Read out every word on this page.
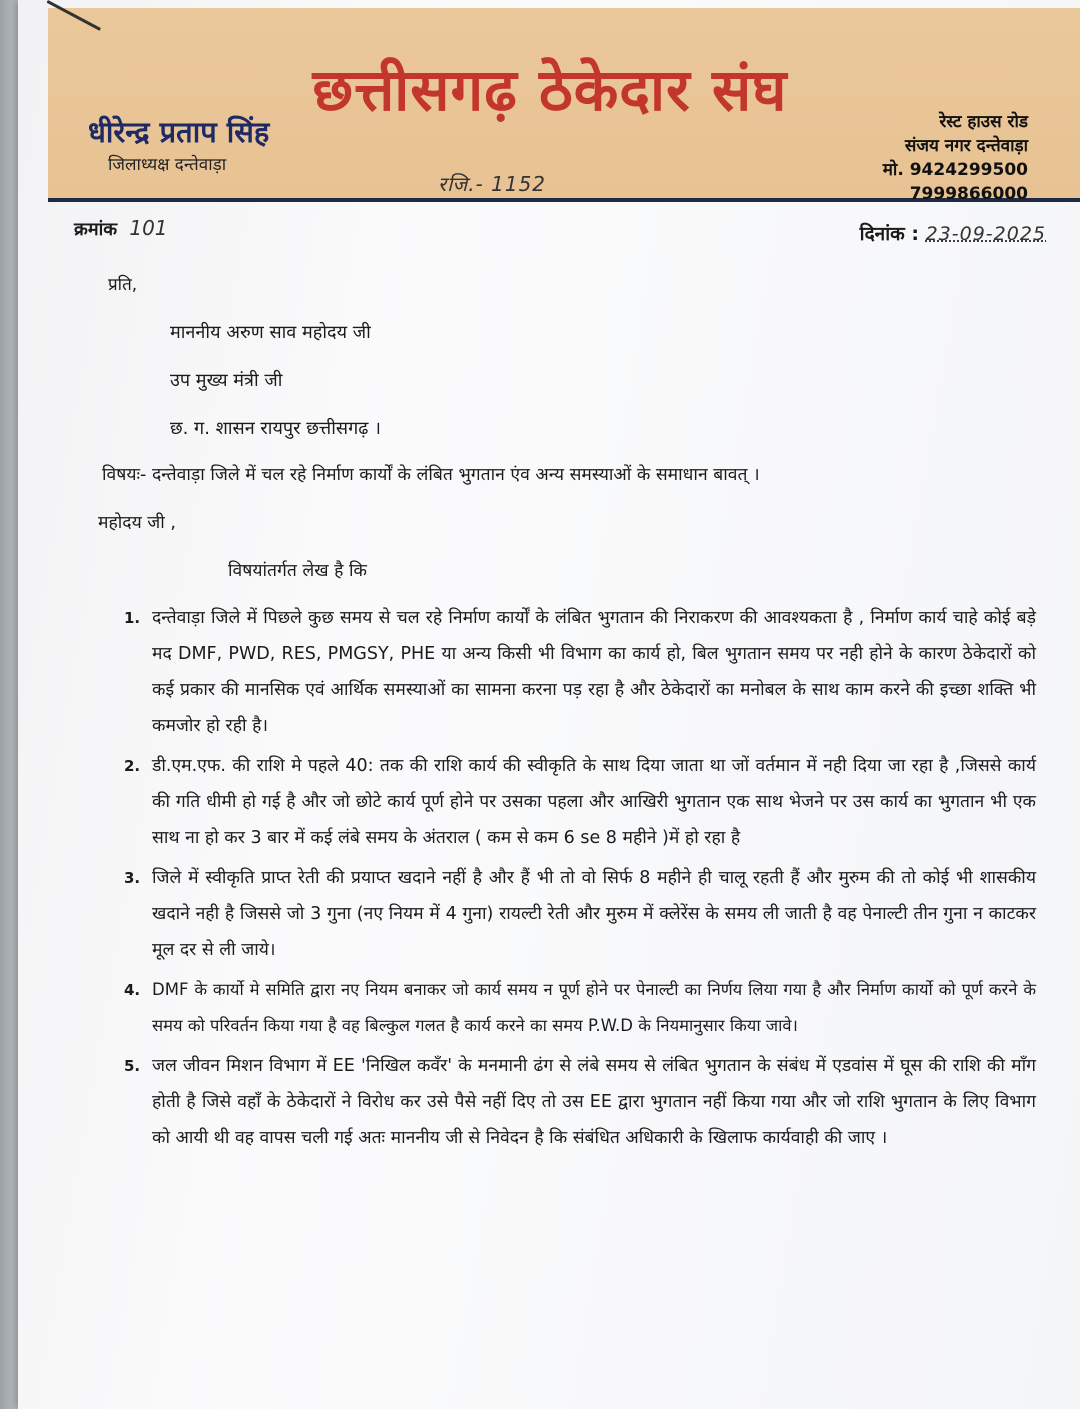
छत्तीसगढ़ ठेकेदार संघ
धीरेन्द्र प्रताप सिंह
जिलाध्यक्ष दन्तेवाड़ा
रजि.- 1152
रेस्ट हाउस रोड
संजय नगर दन्तेवाड़ा
मो. 9424299500
7999866000
क्रमांक 101	दिनांक : 23-09-2025
प्रति,
माननीय अरुण साव महोदय जी
उप मुख्य मंत्री जी
छ. ग. शासन रायपुर छत्तीसगढ़ ।
विषयः- दन्तेवाड़ा जिले में चल रहे निर्माण कार्यों के लंबित भुगतान एंव अन्य समस्याओं के समाधान बावत् ।
महोदय जी ,
विषयांतर्गत लेख है कि
1. दन्तेवाड़ा जिले में पिछले कुछ समय से चल रहे निर्माण कार्यों के लंबित भुगतान की निराकरण की आवश्यकता है , निर्माण कार्य चाहे कोई बड़े मद DMF, PWD, RES, PMGSY, PHE या अन्य किसी भी विभाग का कार्य हो, बिल भुगतान समय पर नही होने के कारण ठेकेदारों को कई प्रकार की मानसिक एवं आर्थिक समस्याओं का सामना करना पड़ रहा है और ठेकेदारों का मनोबल के साथ काम करने की इच्छा शक्ति भी कमजोर हो रही है।
2. डी.एम.एफ. की राशि मे पहले 40: तक की राशि कार्य की स्वीकृति के साथ दिया जाता था जों वर्तमान में नही दिया जा रहा है ,जिससे कार्य की गति धीमी हो गई है और जो छोटे कार्य पूर्ण होने पर उसका पहला और आखिरी भुगतान एक साथ भेजने पर उस कार्य का भुगतान भी एक साथ ना हो कर 3 बार में कई लंबे समय के अंतराल ( कम से कम 6 se 8 महीने )में हो रहा है
3. जिले में स्वीकृति प्राप्त रेती की प्रयाप्त खदाने नहीं है और हैं भी तो वो सिर्फ 8 महीने ही चालू रहती हैं और मुरुम की तो कोई भी शासकीय खदाने नही है जिससे जो 3 गुना (नए नियम में 4 गुना) रायल्टी रेती और मुरुम में क्लेरेंस के समय ली जाती है वह पेनाल्टी तीन गुना न काटकर मूल दर से ली जाये।
4. DMF के कार्यो मे समिति द्वारा नए नियम बनाकर जो कार्य समय न पूर्ण होने पर पेनाल्टी का निर्णय लिया गया है और निर्माण कार्यो को पूर्ण करने के समय को परिवर्तन किया गया है वह बिल्कुल गलत है कार्य करने का समय P.W.D के नियमानुसार किया जावे।
5. जल जीवन मिशन विभाग में EE 'निखिल कवँर' के मनमानी ढंग से लंबे समय से लंबित भुगतान के संबंध में एडवांस में घूस की राशि की माँग होती है जिसे वहाँ के ठेकेदारों ने विरोध कर उसे पैसे नहीं दिए तो उस EE द्वारा भुगतान नहीं किया गया और जो राशि भुगतान के लिए विभाग को आयी थी वह वापस चली गई अतः माननीय जी से निवेदन है कि संबंधित अधिकारी के खिलाफ कार्यवाही की जाए ।
